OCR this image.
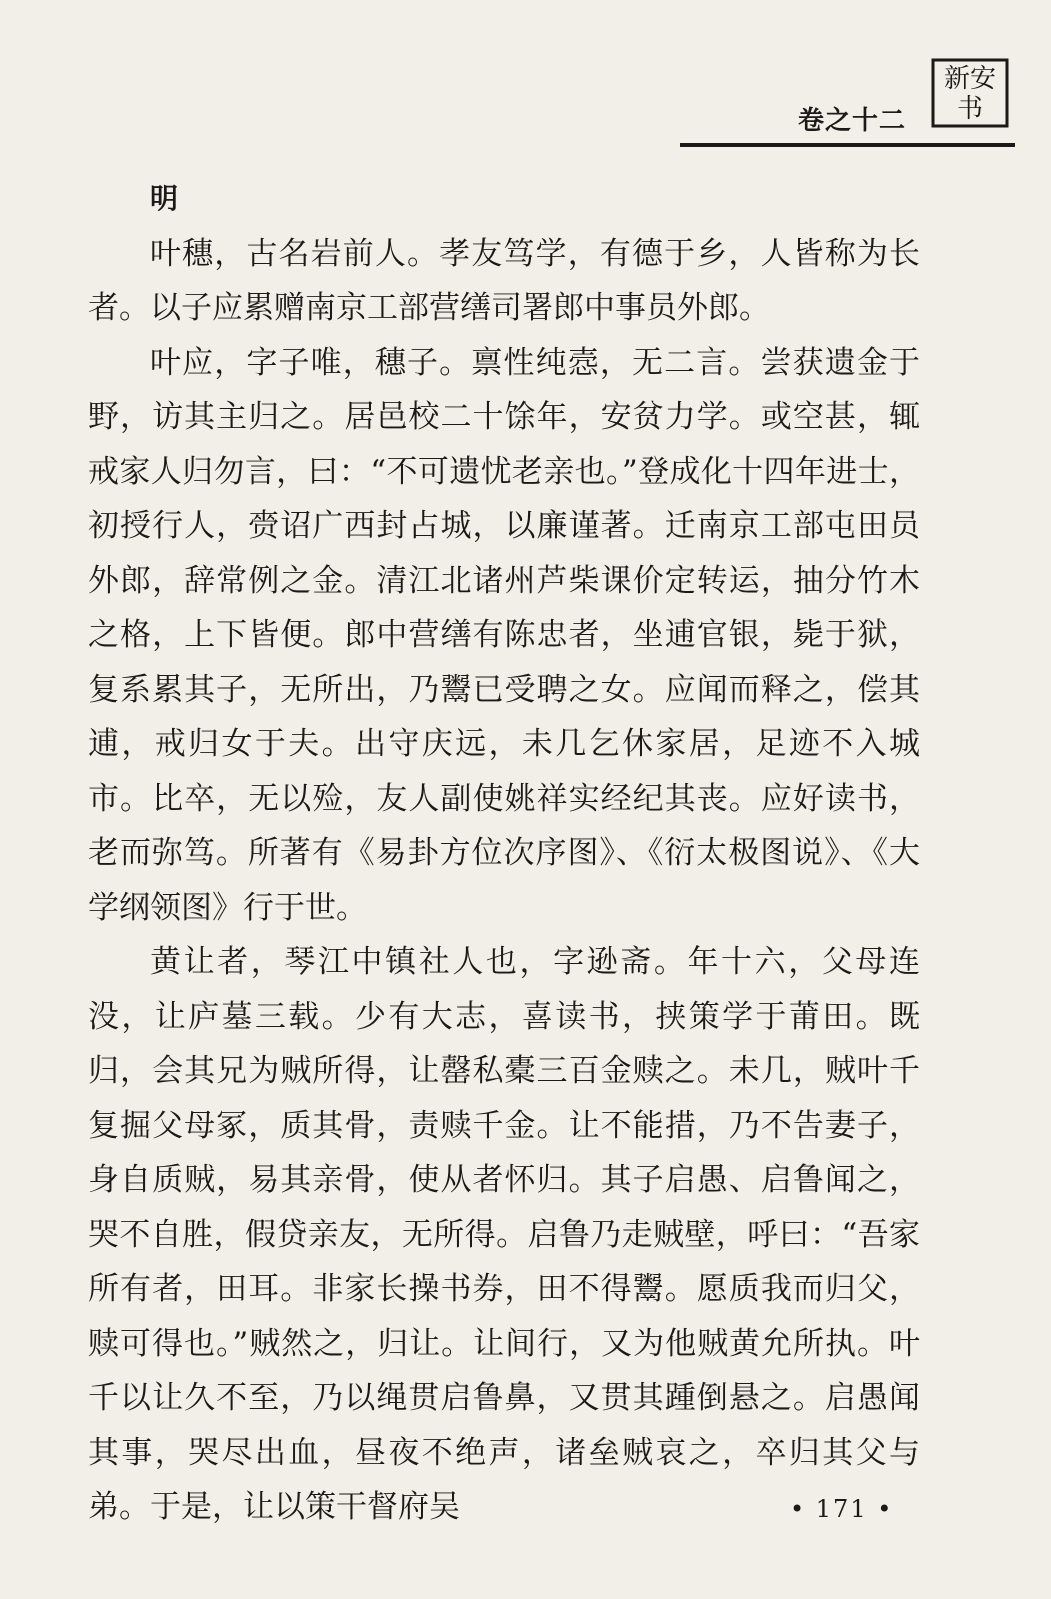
卷之十二
新安
书

明

叶穗，古名岩前人。孝友笃学，有德于乡，人皆称为长者。以子应累赠南京工部营缮司署郎中事员外郎。

叶应，字子唯，穗子。禀性纯悫，无二言。尝获遗金于野，访其主归之。居邑校二十馀年，安贫力学。或空甚，辄戒家人归勿言，曰：“不可遗忧老亲也。”登成化十四年进士，初授行人，赍诏广西封占城，以廉谨著。迁南京工部屯田员外郎，辞常例之金。清江北诸州芦柴课价定转运，抽分竹木之格，上下皆便。郎中营缮有陈忠者，坐逋官银，毙于狱，复系累其子，无所出，乃鬻已受聘之女。应闻而释之，偿其逋，戒归女于夫。出守庆远，未几乞休家居，足迹不入城市。比卒，无以殓，友人副使姚祥实经纪其丧。应好读书，老而弥笃。所著有《易卦方位次序图》、《衍太极图说》、《大学纲领图》行于世。

黄让者，琴江中镇社人也，字逊斋。年十六，父母连没，让庐墓三载。少有大志，喜读书，挟策学于莆田。既归，会其兄为贼所得，让罄私橐三百金赎之。未几，贼叶千复掘父母冢，质其骨，责赎千金。让不能措，乃不告妻子，身自质贼，易其亲骨，使从者怀归。其子启愚、启鲁闻之，哭不自胜，假贷亲友，无所得。启鲁乃走贼壁，呼曰：“吾家所有者，田耳。非家长操书券，田不得鬻。愿质我而归父，赎可得也。”贼然之，归让。让间行，又为他贼黄允所执。叶千以让久不至，乃以绳贯启鲁鼻，又贯其踵倒悬之。启愚闻其事，哭尽出血，昼夜不绝声，诸垒贼哀之，卒归其父与弟。于是，让以策干督府吴	• 171 •
